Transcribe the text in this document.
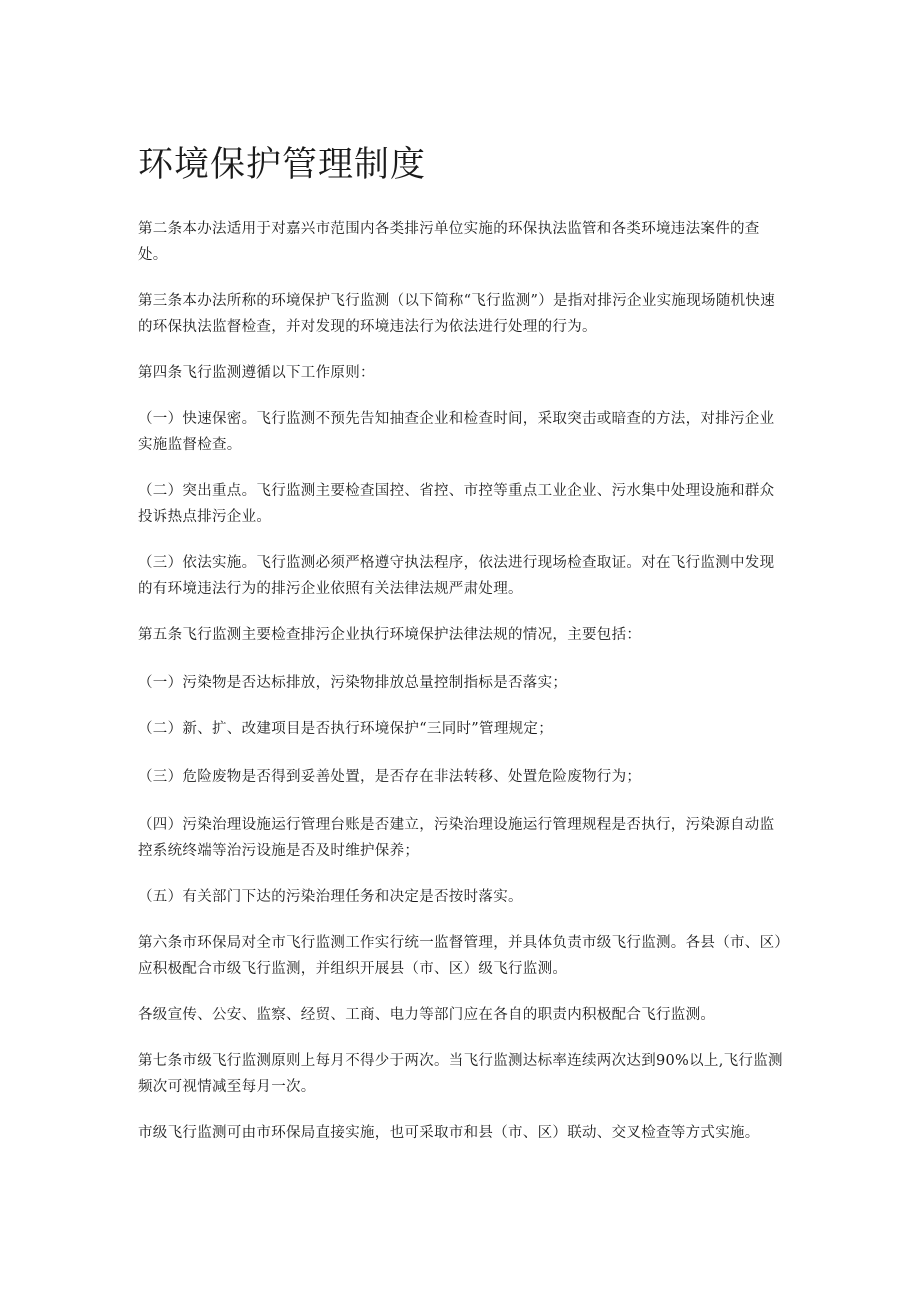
环境保护管理制度

第二条本办法适用于对嘉兴市范围内各类排污单位实施的环保执法监管和各类环境违法案件的查处。

第三条本办法所称的环境保护飞行监测（以下简称“飞行监测”）是指对排污企业实施现场随机快速的环保执法监督检查，并对发现的环境违法行为依法进行处理的行为。

第四条飞行监测遵循以下工作原则：

（一）快速保密。飞行监测不预先告知抽查企业和检查时间，采取突击或暗查的方法，对排污企业实施监督检查。

（二）突出重点。飞行监测主要检查国控、省控、市控等重点工业企业、污水集中处理设施和群众投诉热点排污企业。

（三）依法实施。飞行监测必须严格遵守执法程序，依法进行现场检查取证。对在飞行监测中发现的有环境违法行为的排污企业依照有关法律法规严肃处理。

第五条飞行监测主要检查排污企业执行环境保护法律法规的情况，主要包括：

（一）污染物是否达标排放，污染物排放总量控制指标是否落实；

（二）新、扩、改建项目是否执行环境保护“三同时”管理规定；

（三）危险废物是否得到妥善处置，是否存在非法转移、处置危险废物行为；

（四）污染治理设施运行管理台账是否建立，污染治理设施运行管理规程是否执行，污染源自动监控系统终端等治污设施是否及时维护保养；

（五）有关部门下达的污染治理任务和决定是否按时落实。

第六条市环保局对全市飞行监测工作实行统一监督管理，并具体负责市级飞行监测。各县（市、区）应积极配合市级飞行监测，并组织开展县（市、区）级飞行监测。

各级宣传、公安、监察、经贸、工商、电力等部门应在各自的职责内积极配合飞行监测。

第七条市级飞行监测原则上每月不得少于两次。当飞行监测达标率连续两次达到90%以上,飞行监测频次可视情减至每月一次。

市级飞行监测可由市环保局直接实施，也可采取市和县（市、区）联动、交叉检查等方式实施。
